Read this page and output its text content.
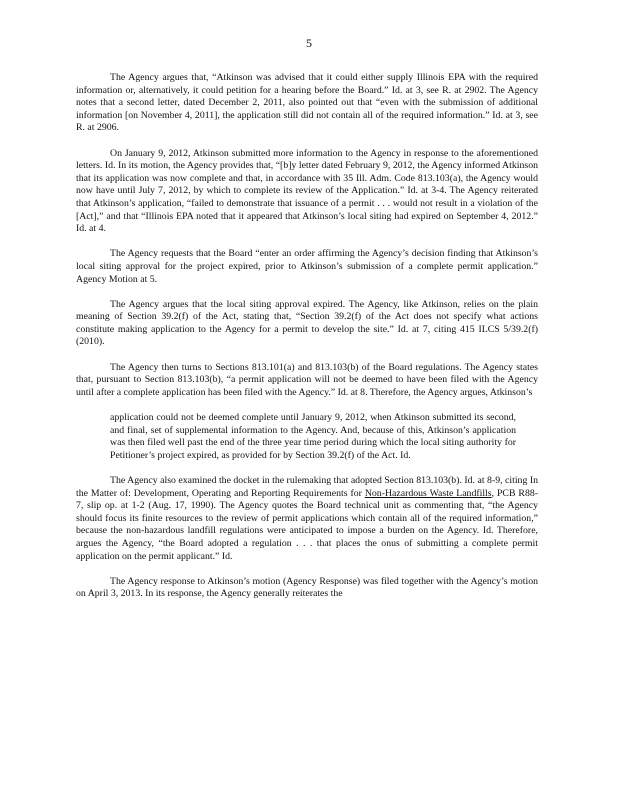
5

The Agency argues that, “Atkinson was advised that it could either supply Illinois EPA with the required information or, alternatively, it could petition for a hearing before the Board.” Id. at 3, see R. at 2902. The Agency notes that a second letter, dated December 2, 2011, also pointed out that “even with the submission of additional information [on November 4, 2011], the application still did not contain all of the required information.” Id. at 3, see R. at 2906.

On January 9, 2012, Atkinson submitted more information to the Agency in response to the aforementioned letters. Id. In its motion, the Agency provides that, “[b]y letter dated February 9, 2012, the Agency informed Atkinson that its application was now complete and that, in accordance with 35 Ill. Adm. Code 813.103(a), the Agency would now have until July 7, 2012, by which to complete its review of the Application.” Id. at 3-4. The Agency reiterated that Atkinson’s application, “failed to demonstrate that issuance of a permit . . . would not result in a violation of the [Act],” and that “Illinois EPA noted that it appeared that Atkinson’s local siting had expired on September 4, 2012.” Id. at 4.

The Agency requests that the Board “enter an order affirming the Agency’s decision finding that Atkinson’s local siting approval for the project expired, prior to Atkinson’s submission of a complete permit application.” Agency Motion at 5.

The Agency argues that the local siting approval expired. The Agency, like Atkinson, relies on the plain meaning of Section 39.2(f) of the Act, stating that, “Section 39.2(f) of the Act does not specify what actions constitute making application to the Agency for a permit to develop the site.” Id. at 7, citing 415 ILCS 5/39.2(f) (2010).

The Agency then turns to Sections 813.101(a) and 813.103(b) of the Board regulations. The Agency states that, pursuant to Section 813.103(b), “a permit application will not be deemed to have been filed with the Agency until after a complete application has been filed with the Agency.” Id. at 8. Therefore, the Agency argues, Atkinson’s

application could not be deemed complete until January 9, 2012, when Atkinson submitted its second, and final, set of supplemental information to the Agency. And, because of this, Atkinson’s application was then filed well past the end of the three year time period during which the local siting authority for Petitioner’s project expired, as provided for by Section 39.2(f) of the Act. Id.

The Agency also examined the docket in the rulemaking that adopted Section 813.103(b). Id. at 8-9, citing In the Matter of: Development, Operating and Reporting Requirements for Non-Hazardous Waste Landfills, PCB R88-7, slip op. at 1-2 (Aug. 17, 1990). The Agency quotes the Board technical unit as commenting that, “the Agency should focus its finite resources to the review of permit applications which contain all of the required information,” because the non-hazardous landfill regulations were anticipated to impose a burden on the Agency. Id. Therefore, argues the Agency, “the Board adopted a regulation . . . that places the onus of submitting a complete permit application on the permit applicant.” Id.

The Agency response to Atkinson’s motion (Agency Response) was filed together with the Agency’s motion on April 3, 2013. In its response, the Agency generally reiterates the
